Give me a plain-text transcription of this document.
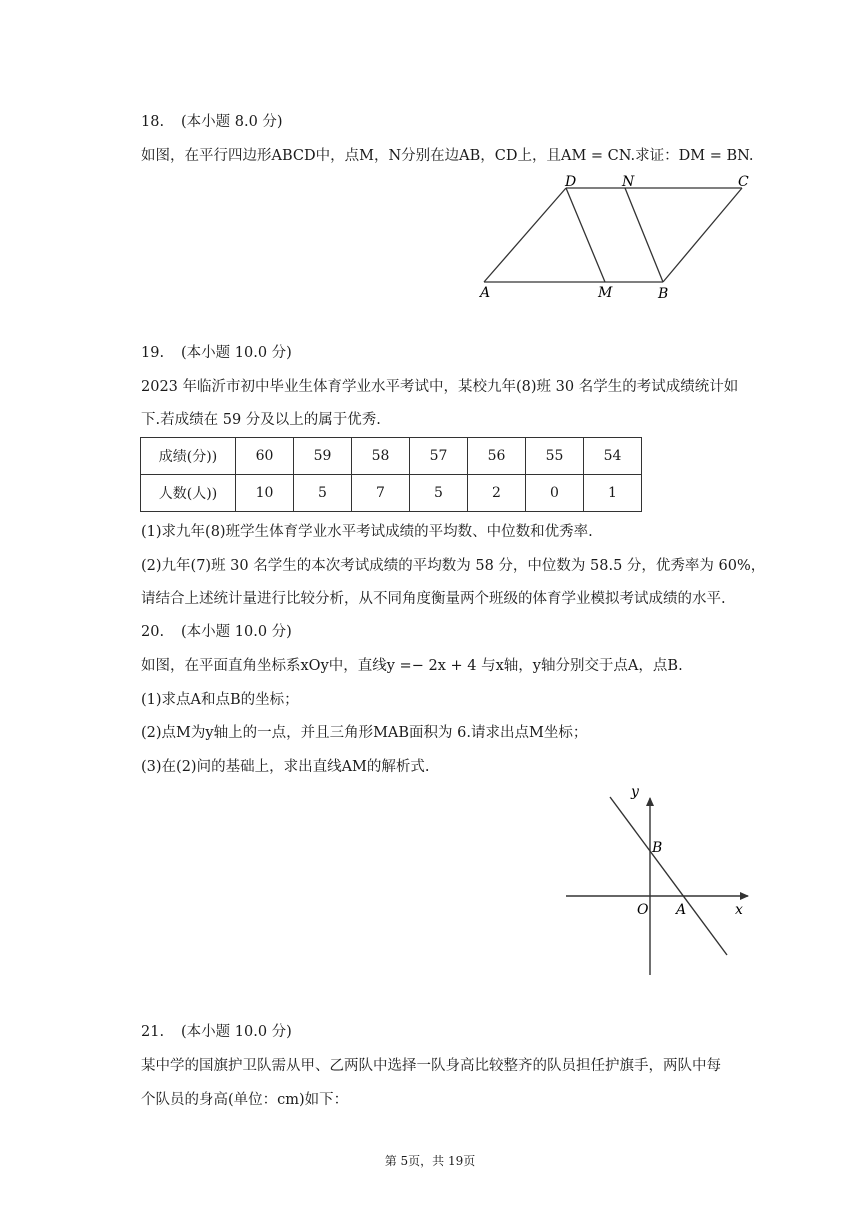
18. (本小题 8.0 分)
如图，在平行四边形ABCD中，点M，N分别在边AB，CD上，且AM = CN.求证：DM = BN.
D	N	C
A	M	B
19. (本小题 10.0 分)
2023 年临沂市初中毕业生体育学业水平考试中，某校九年(8)班 30 名学生的考试成绩统计如
下.若成绩在 59 分及以上的属于优秀.
成绩(分))	60	59	58	57	56	55	54
人数(人))	10	5	7	5	2	0	1
(1)求九年(8)班学生体育学业水平考试成绩的平均数、中位数和优秀率.
(2)九年(7)班 30 名学生的本次考试成绩的平均数为 58 分，中位数为 58.5 分，优秀率为 60%，
请结合上述统计量进行比较分析，从不同角度衡量两个班级的体育学业模拟考试成绩的水平.
20. (本小题 10.0 分)
如图，在平面直角坐标系xOy中，直线y =− 2x + 4 与x轴，y轴分别交于点A，点B.
(1)求点A和点B的坐标；
(2)点M为y轴上的一点，并且三角形MAB面积为 6.请求出点M坐标；
(3)在(2)问的基础上，求出直线AM的解析式.
y
x
O A
B
21. (本小题 10.0 分)
某中学的国旗护卫队需从甲、乙两队中选择一队身高比较整齐的队员担任护旗手，两队中每
个队员的身高(单位：cm)如下：
第 5页，共 19页
